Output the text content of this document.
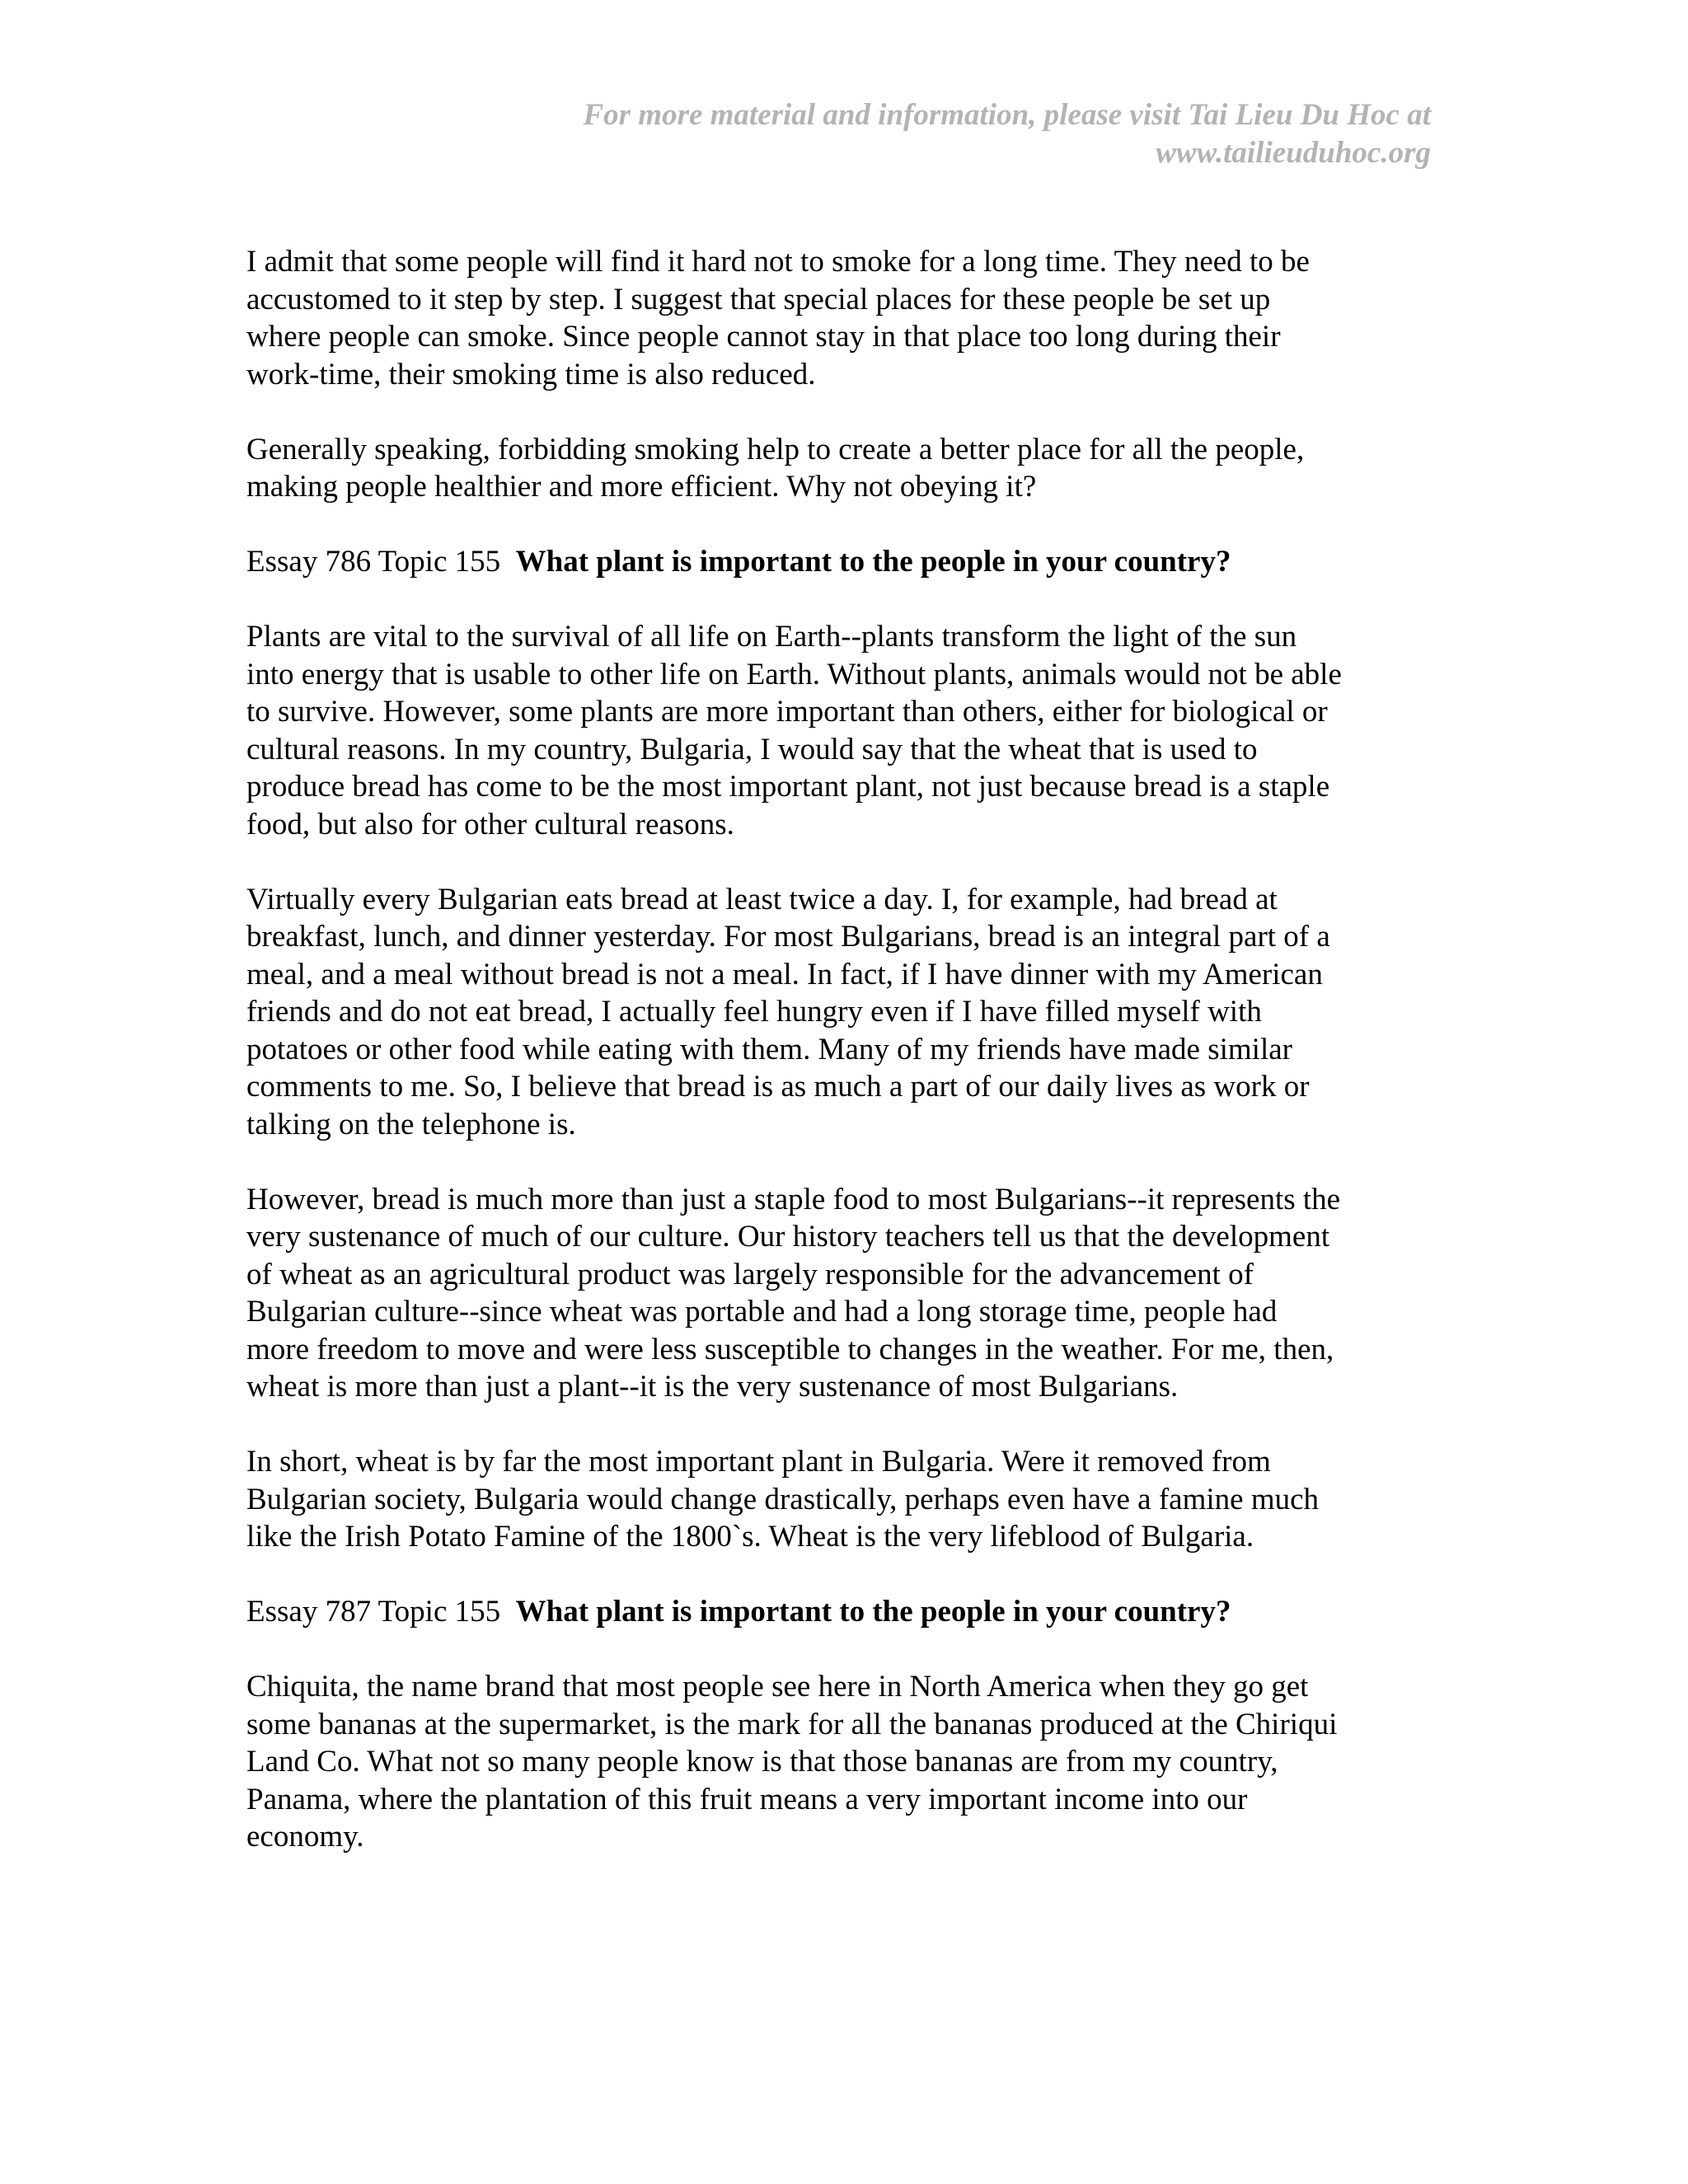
For more material and information, please visit Tai Lieu Du Hoc at
www.tailieuduhoc.org
I admit that some people will find it hard not to smoke for a long time. They need to be
accustomed to it step by step. I suggest that special places for these people be set up
where people can smoke. Since people cannot stay in that place too long during their
work-time, their smoking time is also reduced.
Generally speaking, forbidding smoking help to create a better place for all the people,
making people healthier and more efficient. Why not obeying it?
Essay 786 Topic 155 What plant is important to the people in your country?
Plants are vital to the survival of all life on Earth--plants transform the light of the sun
into energy that is usable to other life on Earth. Without plants, animals would not be able
to survive. However, some plants are more important than others, either for biological or
cultural reasons. In my country, Bulgaria, I would say that the wheat that is used to
produce bread has come to be the most important plant, not just because bread is a staple
food, but also for other cultural reasons.
Virtually every Bulgarian eats bread at least twice a day. I, for example, had bread at
breakfast, lunch, and dinner yesterday. For most Bulgarians, bread is an integral part of a
meal, and a meal without bread is not a meal. In fact, if I have dinner with my American
friends and do not eat bread, I actually feel hungry even if I have filled myself with
potatoes or other food while eating with them. Many of my friends have made similar
comments to me. So, I believe that bread is as much a part of our daily lives as work or
talking on the telephone is.
However, bread is much more than just a staple food to most Bulgarians--it represents the
very sustenance of much of our culture. Our history teachers tell us that the development
of wheat as an agricultural product was largely responsible for the advancement of
Bulgarian culture--since wheat was portable and had a long storage time, people had
more freedom to move and were less susceptible to changes in the weather. For me, then,
wheat is more than just a plant--it is the very sustenance of most Bulgarians.
In short, wheat is by far the most important plant in Bulgaria. Were it removed from
Bulgarian society, Bulgaria would change drastically, perhaps even have a famine much
like the Irish Potato Famine of the 1800`s. Wheat is the very lifeblood of Bulgaria.
Essay 787 Topic 155 What plant is important to the people in your country?
Chiquita, the name brand that most people see here in North America when they go get
some bananas at the supermarket, is the mark for all the bananas produced at the Chiriqui
Land Co. What not so many people know is that those bananas are from my country,
Panama, where the plantation of this fruit means a very important income into our
economy.
